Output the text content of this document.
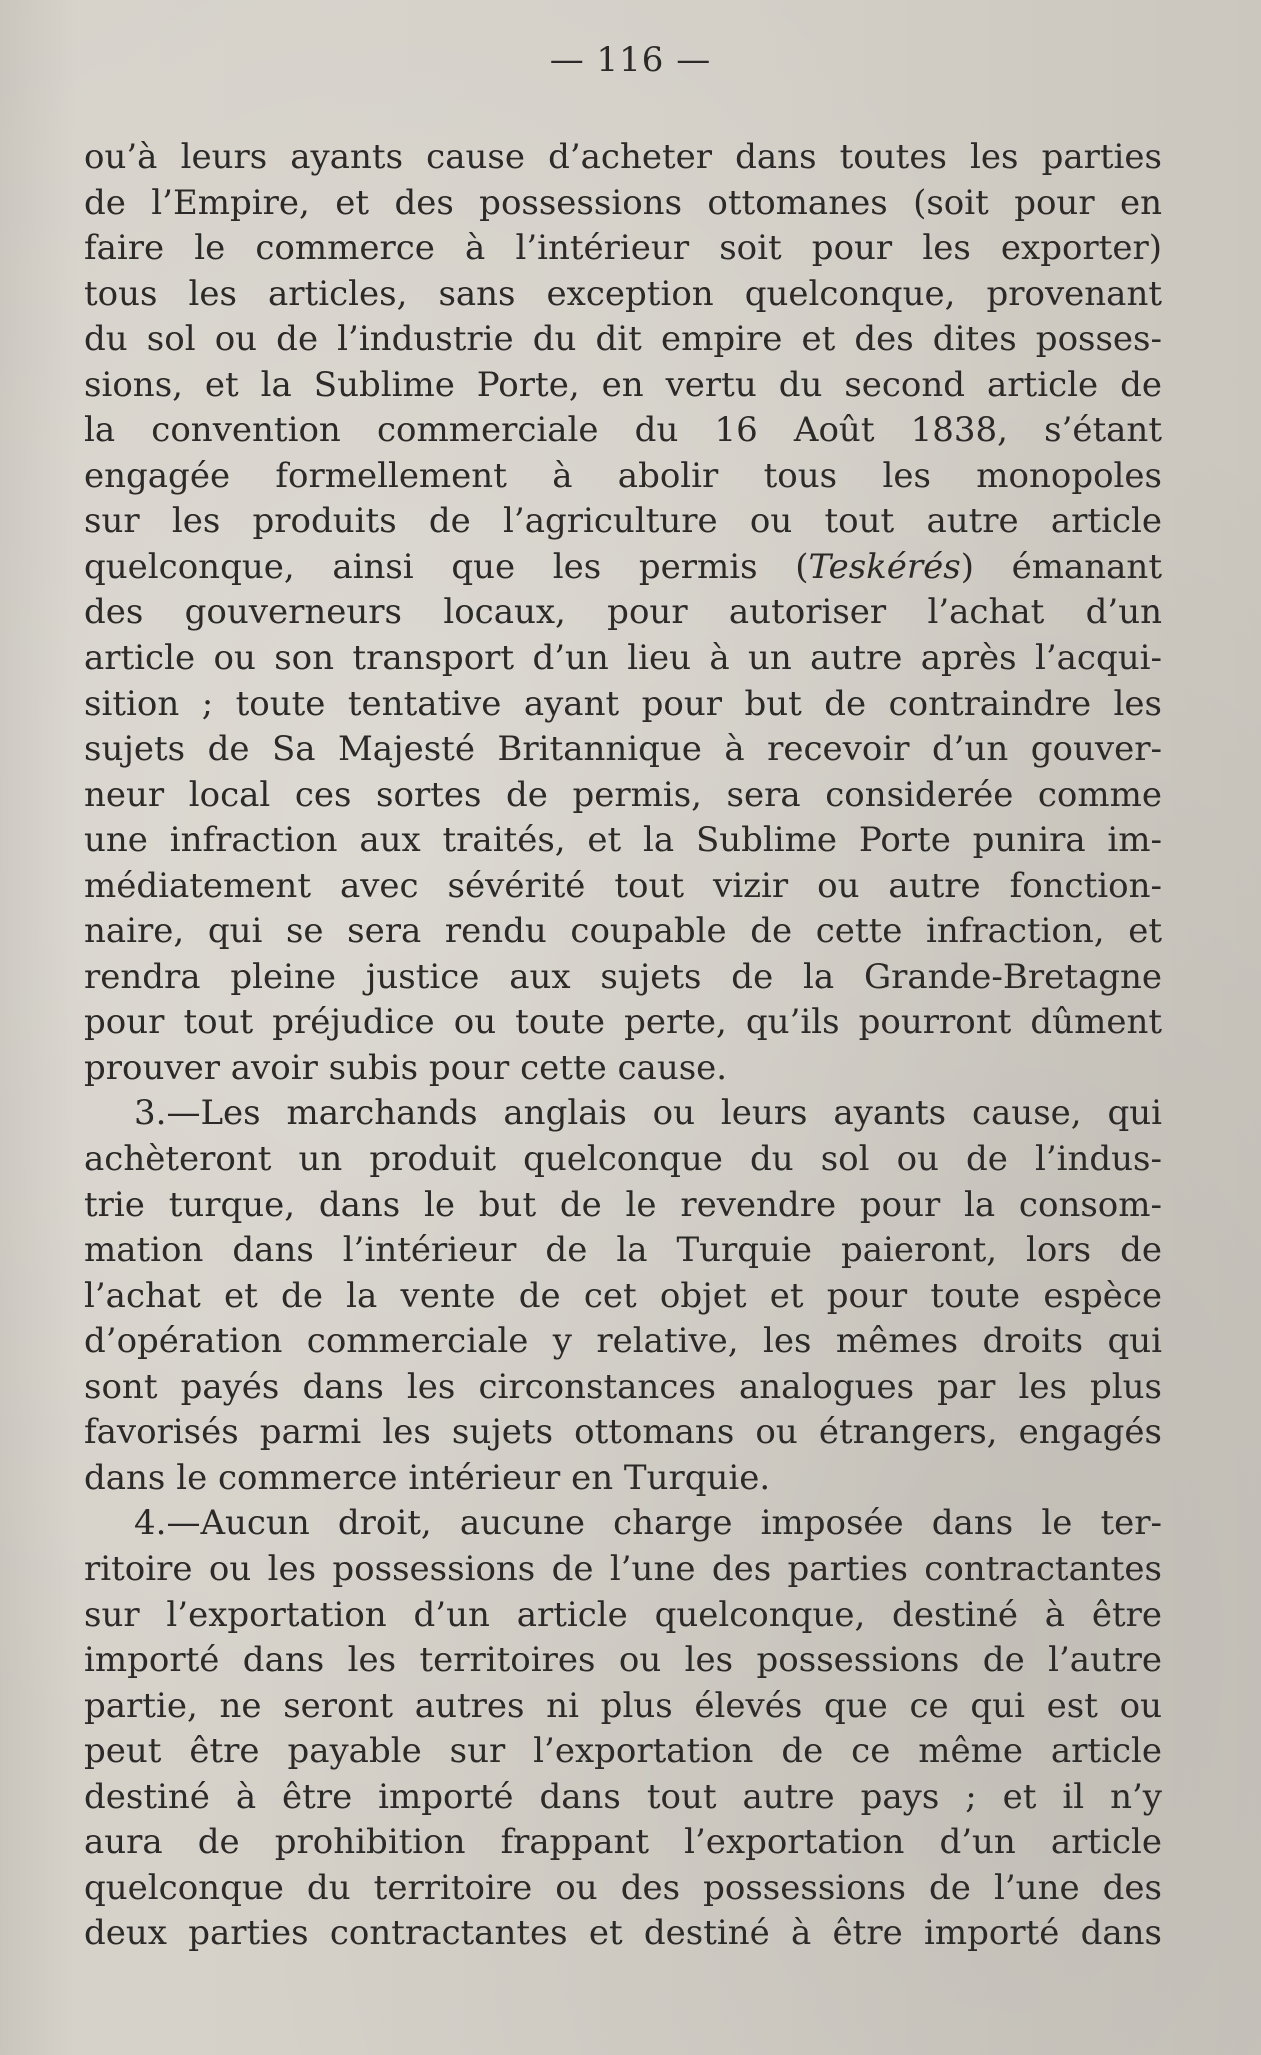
— 116 —
ou’à leurs ayants cause d’acheter dans toutes les parties
de l’Empire, et des possessions ottomanes (soit pour en
faire le commerce à l’intérieur soit pour les exporter)
tous les articles, sans exception quelconque, provenant
du sol ou de l’industrie du dit empire et des dites posses-
sions, et la Sublime Porte, en vertu du second article de
la convention commerciale du 16 Août 1838, s’étant
engagée formellement à abolir tous les monopoles
sur les produits de l’agriculture ou tout autre article
quelconque, ainsi que les permis (Teskérés) émanant
des gouverneurs locaux, pour autoriser l’achat d’un
article ou son transport d’un lieu à un autre après l’acqui-
sition ; toute tentative ayant pour but de contraindre les
sujets de Sa Majesté Britannique à recevoir d’un gouver-
neur local ces sortes de permis, sera considerée comme
une infraction aux traités, et la Sublime Porte punira im-
médiatement avec sévérité tout vizir ou autre fonction-
naire, qui se sera rendu coupable de cette infraction, et
rendra pleine justice aux sujets de la Grande-Bretagne
pour tout préjudice ou toute perte, qu’ils pourront dûment
prouver avoir subis pour cette cause.
3.—Les marchands anglais ou leurs ayants cause, qui
achèteront un produit quelconque du sol ou de l’indus-
trie turque, dans le but de le revendre pour la consom-
mation dans l’intérieur de la Turquie paieront, lors de
l’achat et de la vente de cet objet et pour toute espèce
d’opération commerciale y relative, les mêmes droits qui
sont payés dans les circonstances analogues par les plus
favorisés parmi les sujets ottomans ou étrangers, engagés
dans le commerce intérieur en Turquie.
4.—Aucun droit, aucune charge imposée dans le ter-
ritoire ou les possessions de l’une des parties contractantes
sur l’exportation d’un article quelconque, destiné à être
importé dans les territoires ou les possessions de l’autre
partie, ne seront autres ni plus élevés que ce qui est ou
peut être payable sur l’exportation de ce même article
destiné à être importé dans tout autre pays ; et il n’y
aura de prohibition frappant l’exportation d’un article
quelconque du territoire ou des possessions de l’une des
deux parties contractantes et destiné à être importé dans
